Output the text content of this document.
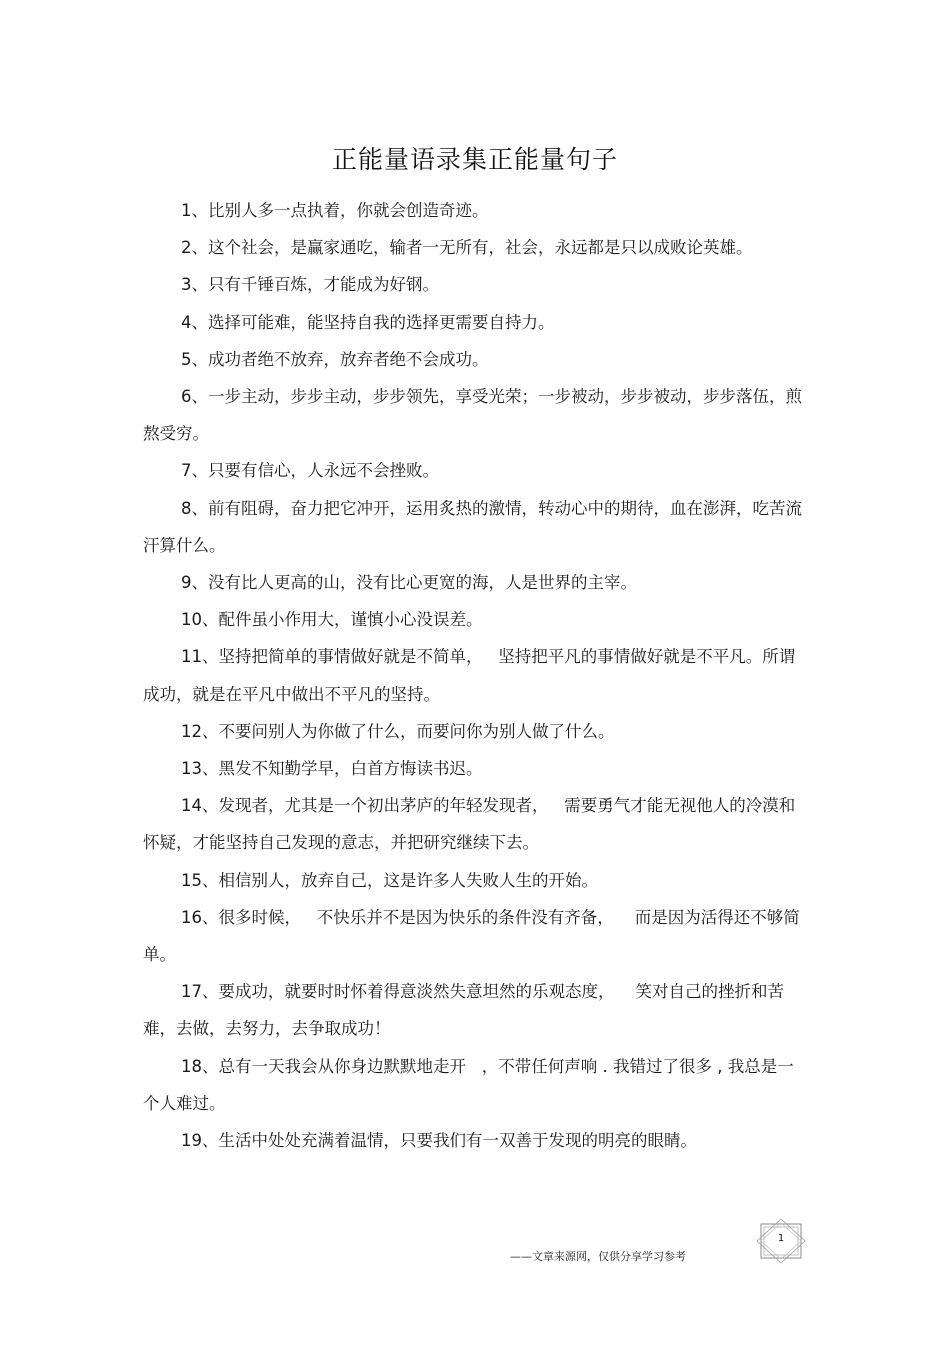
正能量语录集正能量句子

1、比别人多一点执着，你就会创造奇迹。

2、这个社会，是赢家通吃，输者一无所有，社会，永远都是只以成败论英雄。

3、只有千锤百炼，才能成为好钢。

4、选择可能难，能坚持自我的选择更需要自持力。

5、成功者绝不放弃，放弃者绝不会成功。

6、一步主动，步步主动，步步领先，享受光荣；一步被动，步步被动，步步落伍，煎熬受穷。

7、只要有信心，人永远不会挫败。

8、前有阻碍，奋力把它冲开，运用炙热的激情，转动心中的期待，血在澎湃，吃苦流汗算什么。

9、没有比人更高的山，没有比心更宽的海，人是世界的主宰。

10、配件虽小作用大，谨慎小心没误差。

11、坚持把简单的事情做好就是不简单，   坚持把平凡的事情做好就是不平凡。所谓成功，就是在平凡中做出不平凡的坚持。

12、不要问别人为你做了什么，而要问你为别人做了什么。

13、黑发不知勤学早，白首方悔读书迟。

14、发现者，尤其是一个初出茅庐的年轻发现者，   需要勇气才能无视他人的冷漠和怀疑，才能坚持自己发现的意志，并把研究继续下去。

15、相信别人，放弃自己，这是许多人失败人生的开始。

16、很多时候，   不快乐并不是因为快乐的条件没有齐备，    而是因为活得还不够简单。

17、要成功，就要时时怀着得意淡然失意坦然的乐观态度，    笑对自己的挫折和苦难，去做，去努力，去争取成功！

18、总有一天我会从你身边默默地走开   ，不带任何声响 . 我错过了很多 , 我总是一个人难过。

19、生活中处处充满着温情，只要我们有一双善于发现的明亮的眼睛。

——文章来源网，仅供分享学习参考
1
